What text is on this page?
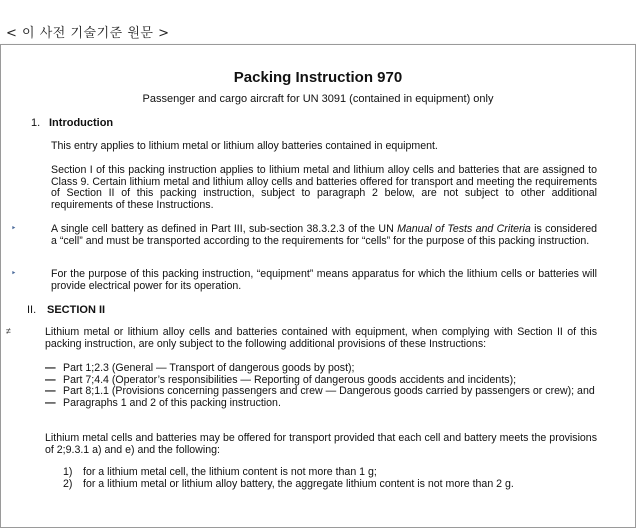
< 이 사전 기술기준 원문 >
Packing Instruction 970
Passenger and cargo aircraft for UN 3091 (contained in equipment) only
1. Introduction
This entry applies to lithium metal or lithium alloy batteries contained in equipment.
Section I of this packing instruction applies to lithium metal and lithium alloy cells and batteries that are assigned to Class 9. Certain lithium metal and lithium alloy cells and batteries offered for transport and meeting the requirements of Section II of this packing instruction, subject to paragraph 2 below, are not subject to other additional requirements of these Instructions.
‣	A single cell battery as defined in Part III, sub-section 38.3.2.3 of the UN Manual of Tests and Criteria is considered a “cell” and must be transported according to the requirements for “cells” for the purpose of this packing instruction.
‣	For the purpose of this packing instruction, “equipment” means apparatus for which the lithium cells or batteries will provide electrical power for its operation.
II. SECTION II
≠	Lithium metal or lithium alloy cells and batteries contained with equipment, when complying with Section II of this packing instruction, are only subject to the following additional provisions of these Instructions:
— Part 1;2.3 (General — Transport of dangerous goods by post);
— Part 7;4.4 (Operator’s responsibilities — Reporting of dangerous goods accidents and incidents);
— Part 8;1.1 (Provisions concerning passengers and crew — Dangerous goods carried by passengers or crew); and
— Paragraphs 1 and 2 of this packing instruction.
Lithium metal cells and batteries may be offered for transport provided that each cell and battery meets the provisions of 2;9.3.1 a) and e) and the following:
1) for a lithium metal cell, the lithium content is not more than 1 g;
2) for a lithium metal or lithium alloy battery, the aggregate lithium content is not more than 2 g.
